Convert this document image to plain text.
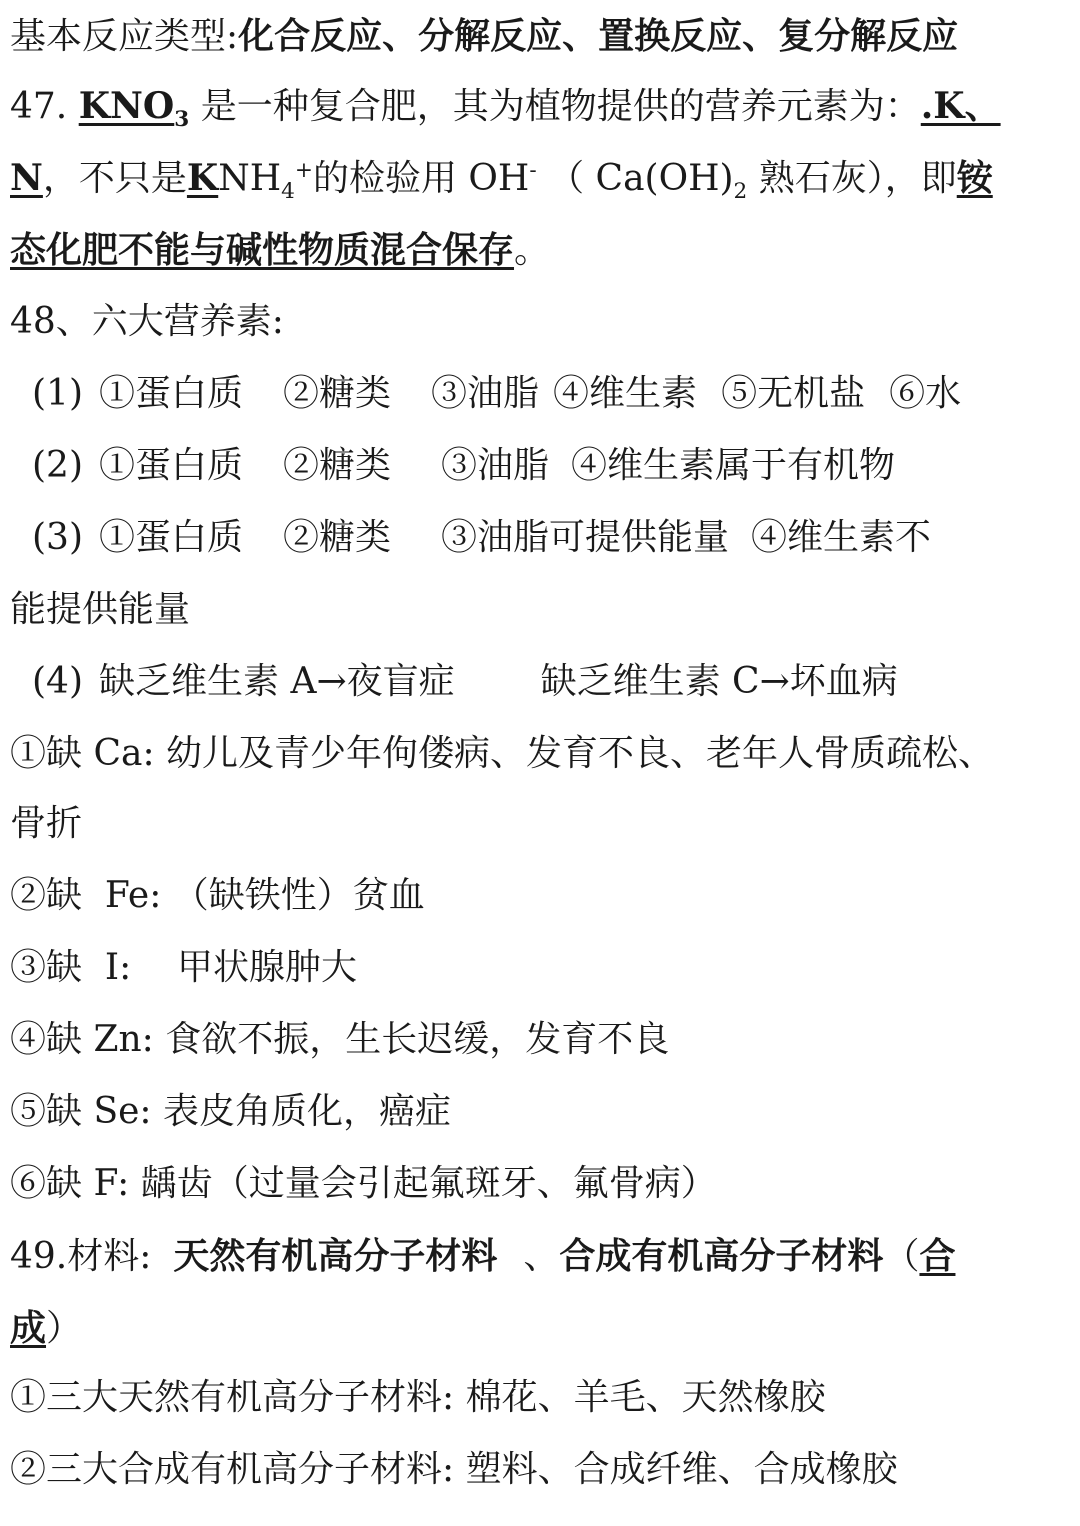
基本反应类型:化合反应、分解反应、置换反应、复分解反应
47. $KNO_3$ 是一种复合肥，其为植物提供的营养元素为：.K、
N，不只是$KNH_4^+$的检验用 OH- （ $Ca(OH)_2$ 熟石灰），即铵
态化肥不能与碱性物质混合保存。
48、六大营养素:
(1) ①蛋白质 ②糖类 ③油脂 ④维生素 ⑤无机盐 ⑥水
(2) ①蛋白质 ②糖类 ③油脂 ④维生素属于有机物
(3) ①蛋白质 ②糖类 ③油脂可提供能量 ④维生素不
能提供能量
(4) 缺乏维生素 A→夜盲症 缺乏维生素 C→坏血病
①缺 Ca: 幼儿及青少年佝偻病、发育不良、老年人骨质疏松、
骨折
②缺  Fe: （缺铁性）贫血
③缺  I:    甲状腺肿大
④缺 Zn: 食欲不振，生长迟缓，发育不良
⑤缺 Se: 表皮角质化，癌症
⑥缺 F: 龋齿（过量会引起氟斑牙、氟骨病）
49.材料: 天然有机高分子材料 、合成有机高分子材料（合
成）
①三大天然有机高分子材料: 棉花、羊毛、天然橡胶
②三大合成有机高分子材料: 塑料、合成纤维、合成橡胶
